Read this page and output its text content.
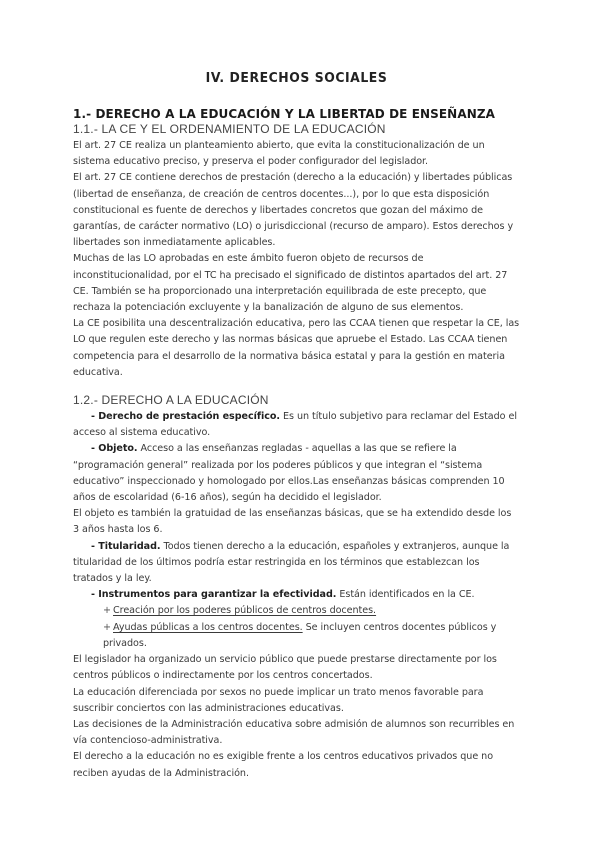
IV. DERECHOS SOCIALES
1.- DERECHO A LA EDUCACIÓN Y LA LIBERTAD DE ENSEÑANZA
1.1.- LA CE Y EL ORDENAMIENTO DE LA EDUCACIÓN

El art. 27 CE realiza un planteamiento abierto, que evita la constitucionalización de un sistema educativo preciso, y preserva el poder configurador del legislador.

El art. 27 CE contiene derechos de prestación (derecho a la educación) y libertades públicas (libertad de enseñanza, de creación de centros docentes...), por lo que esta disposición constitucional es fuente de derechos y libertades concretos que gozan del máximo de garantías, de carácter normativo (LO) o jurisdiccional (recurso de amparo). Estos derechos y libertades son inmediatamente aplicables.

Muchas de las LO aprobadas en este ámbito fueron objeto de recursos de inconstitucionalidad, por el TC ha precisado el significado de distintos apartados del art. 27 CE. También se ha proporcionado una interpretación equilibrada de este precepto, que rechaza la potenciación excluyente y la banalización de alguno de sus elementos.

La CE posibilita una descentralización educativa, pero las CCAA tienen que respetar la CE, las LO que regulen este derecho y las normas básicas que apruebe el Estado. Las CCAA tienen competencia para el desarrollo de la normativa básica estatal y para la gestión en materia educativa.

1.2.- DERECHO A LA EDUCACIÓN

- Derecho de prestación específico. Es un título subjetivo para reclamar del Estado el acceso al sistema educativo.

- Objeto. Acceso a las enseñanzas regladas - aquellas a las que se refiere la “programación general” realizada por los poderes públicos y que integran el “sistema educativo” inspeccionado y homologado por ellos.Las enseñanzas básicas comprenden 10 años de escolaridad (6-16 años), según ha decidido el legislador.

El objeto es también la gratuidad de las enseñanzas básicas, que se ha extendido desde los 3 años hasta los 6.

- Titularidad. Todos tienen derecho a la educación, españoles y extranjeros, aunque la titularidad de los últimos podría estar restringida en los términos que establezcan los tratados y la ley.

- Instrumentos para garantizar la efectividad. Están identificados en la CE.

+ Creación por los poderes públicos de centros docentes.

+ Ayudas públicas a los centros docentes. Se incluyen centros docentes públicos y privados.

El legislador ha organizado un servicio público que puede prestarse directamente por los centros públicos o indirectamente por los centros concertados.

La educación diferenciada por sexos no puede implicar un trato menos favorable para suscribir conciertos con las administraciones educativas.

Las decisiones de la Administración educativa sobre admisión de alumnos son recurribles en vía contencioso-administrativa.

El derecho a la educación no es exigible frente a los centros educativos privados que no reciben ayudas de la Administración.
